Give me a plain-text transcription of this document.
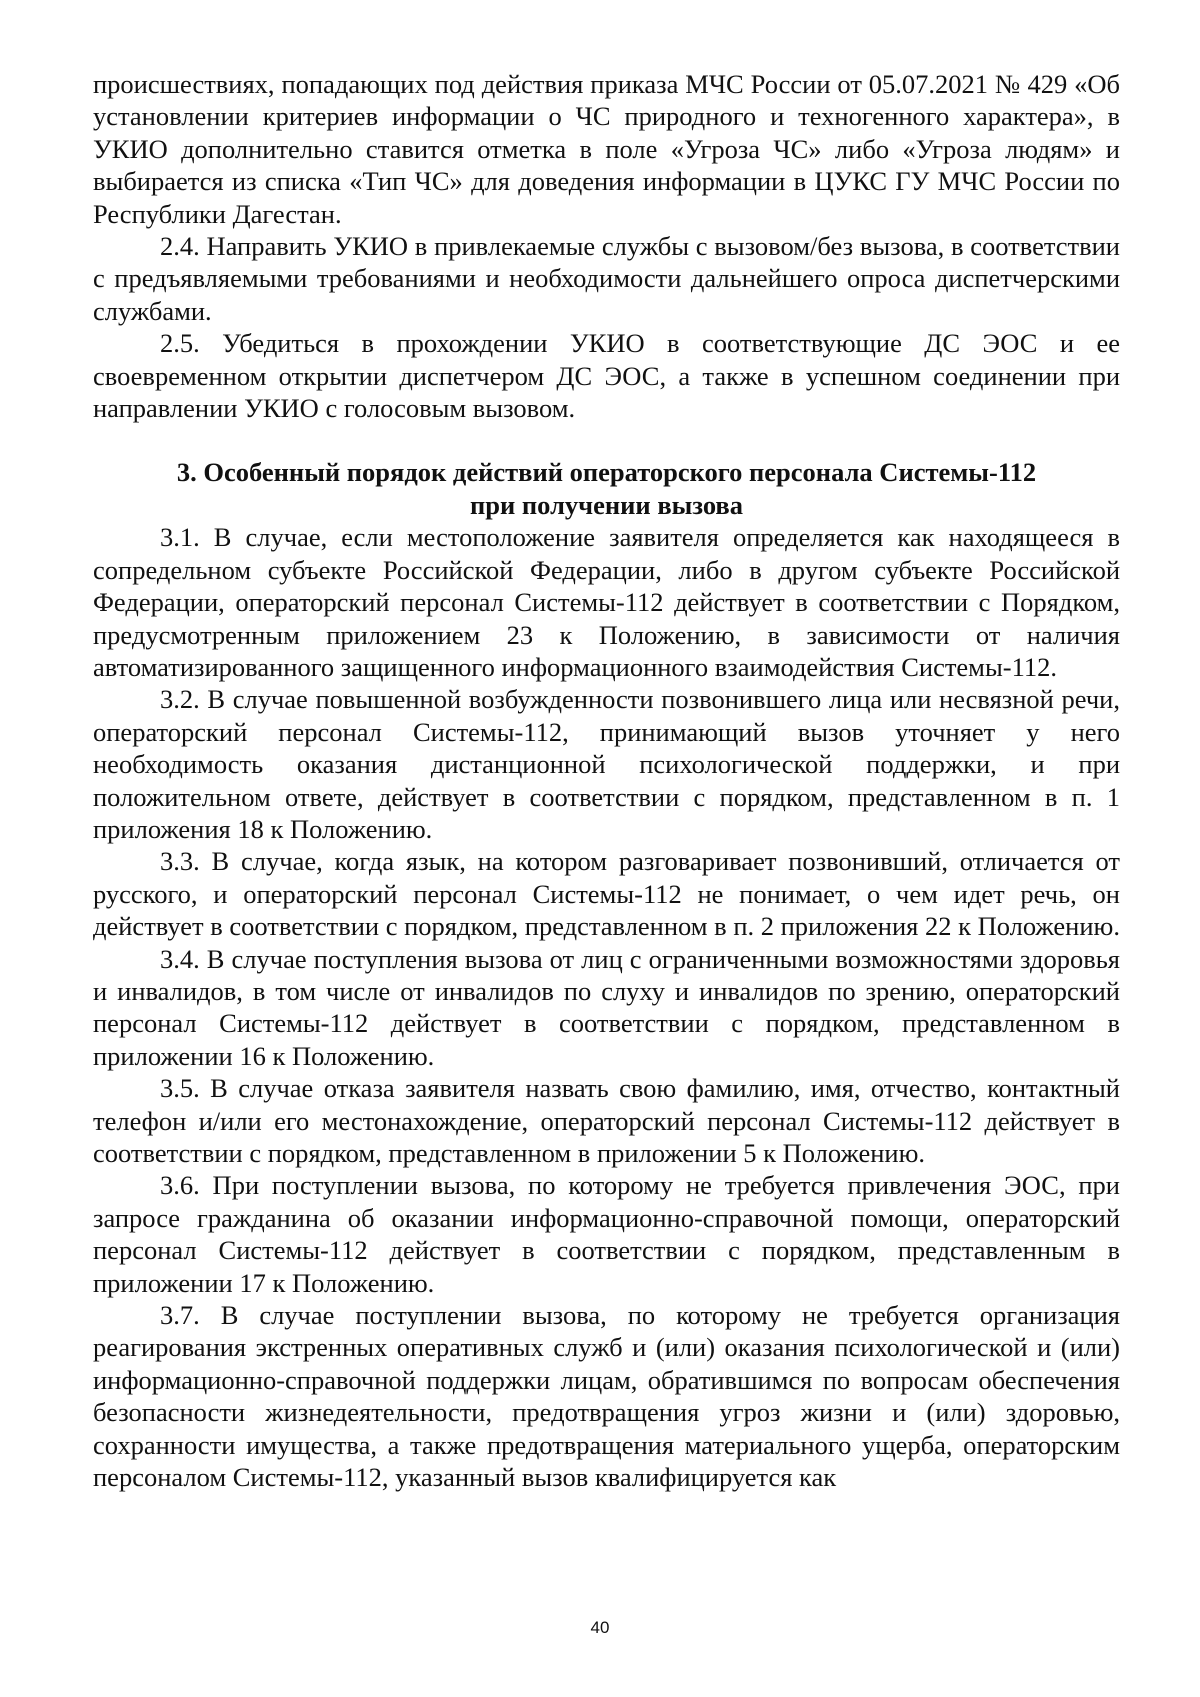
происшествиях, попадающих под действия приказа МЧС России от 05.07.2021 № 429 «Об установлении критериев информации о ЧС природного и техногенного характера», в УКИО дополнительно ставится отметка в поле «Угроза ЧС» либо «Угроза людям» и выбирается из списка «Тип ЧС» для доведения информации в ЦУКС ГУ МЧС России по Республики Дагестан.

2.4. Направить УКИО в привлекаемые службы с вызовом/без вызова, в соответствии с предъявляемыми требованиями и необходимости дальнейшего опроса диспетчерскими службами.

2.5. Убедиться в прохождении УКИО в соответствующие ДС ЭОС и ее своевременном открытии диспетчером ДС ЭОС, а также в успешном соединении при направлении УКИО с голосовым вызовом.

3. Особенный порядок действий операторского персонала Системы-112
при получении вызова

3.1. В случае, если местоположение заявителя определяется как находящееся в сопредельном субъекте Российской Федерации, либо в другом субъекте Российской Федерации, операторский персонал Системы-112 действует в соответствии с Порядком, предусмотренным приложением 23 к Положению, в зависимости от наличия автоматизированного защищенного информационного взаимодействия Системы-112.

3.2. В случае повышенной возбужденности позвонившего лица или несвязной речи, операторский персонал Системы-112, принимающий вызов уточняет у него необходимость оказания дистанционной психологической поддержки, и при положительном ответе, действует в соответствии с порядком, представленном в п. 1 приложения 18 к Положению.

3.3. В случае, когда язык, на котором разговаривает позвонивший, отличается от русского, и операторский персонал Системы-112 не понимает, о чем идет речь, он действует в соответствии с порядком, представленном в п. 2 приложения 22 к Положению.

3.4. В случае поступления вызова от лиц с ограниченными возможностями здоровья и инвалидов, в том числе от инвалидов по слуху и инвалидов по зрению, операторский персонал Системы-112 действует в соответствии с порядком, представленном в приложении 16 к Положению.

3.5. В случае отказа заявителя назвать свою фамилию, имя, отчество, контактный телефон и/или его местонахождение, операторский персонал Системы-112 действует в соответствии с порядком, представленном в приложении 5 к Положению.

3.6. При поступлении вызова, по которому не требуется привлечения ЭОС, при запросе гражданина об оказании информационно-справочной помощи, операторский персонал Системы-112 действует в соответствии с порядком, представленным в приложении 17 к Положению.

3.7. В случае поступлении вызова, по которому не требуется организация реагирования экстренных оперативных служб и (или) оказания психологической и (или) информационно-справочной поддержки лицам, обратившимся по вопросам обеспечения безопасности жизнедеятельности, предотвращения угроз жизни и (или) здоровью, сохранности имущества, а также предотвращения материального ущерба, операторским персоналом Системы-112, указанный вызов квалифицируется как

40
